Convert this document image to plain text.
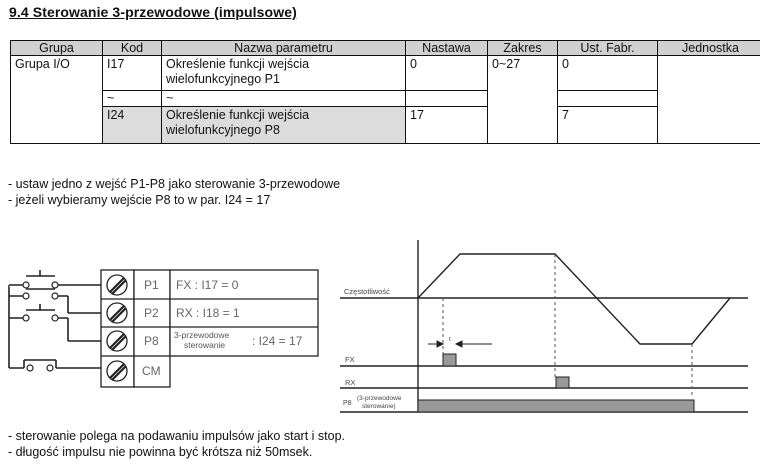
9.4 Sterowanie 3-przewodowe (impulsowe)
Grupa	Kod	Nazwa parametru	Nastawa	Zakres	Ust. Fabr.	Jednostka
Grupa I/O	I17	Określenie funkcji wejścia
wielofunkcyjnego P1	0	0~27	0	
	~	~				
	I24	Określenie funkcji wejścia
wielofunkcyjnego P8	17		7	
- ustaw jedno z wejść P1-P8 jako sterowanie 3-przewodowe
- jeżeli wybieramy wejście P8 to w par. I24 = 17
P1
P2
P8
CM
FX : I17 = 0
RX : I18 = 1
: I24 = 17
3-przewodowe
sterowanie
Częstotliwość
FX
RX
P8
(3-przewodowe
sterowanie)
t
- sterowanie polega na podawaniu impulsów jako start i stop.
- długość impulsu nie powinna być krótsza niż 50msek.
